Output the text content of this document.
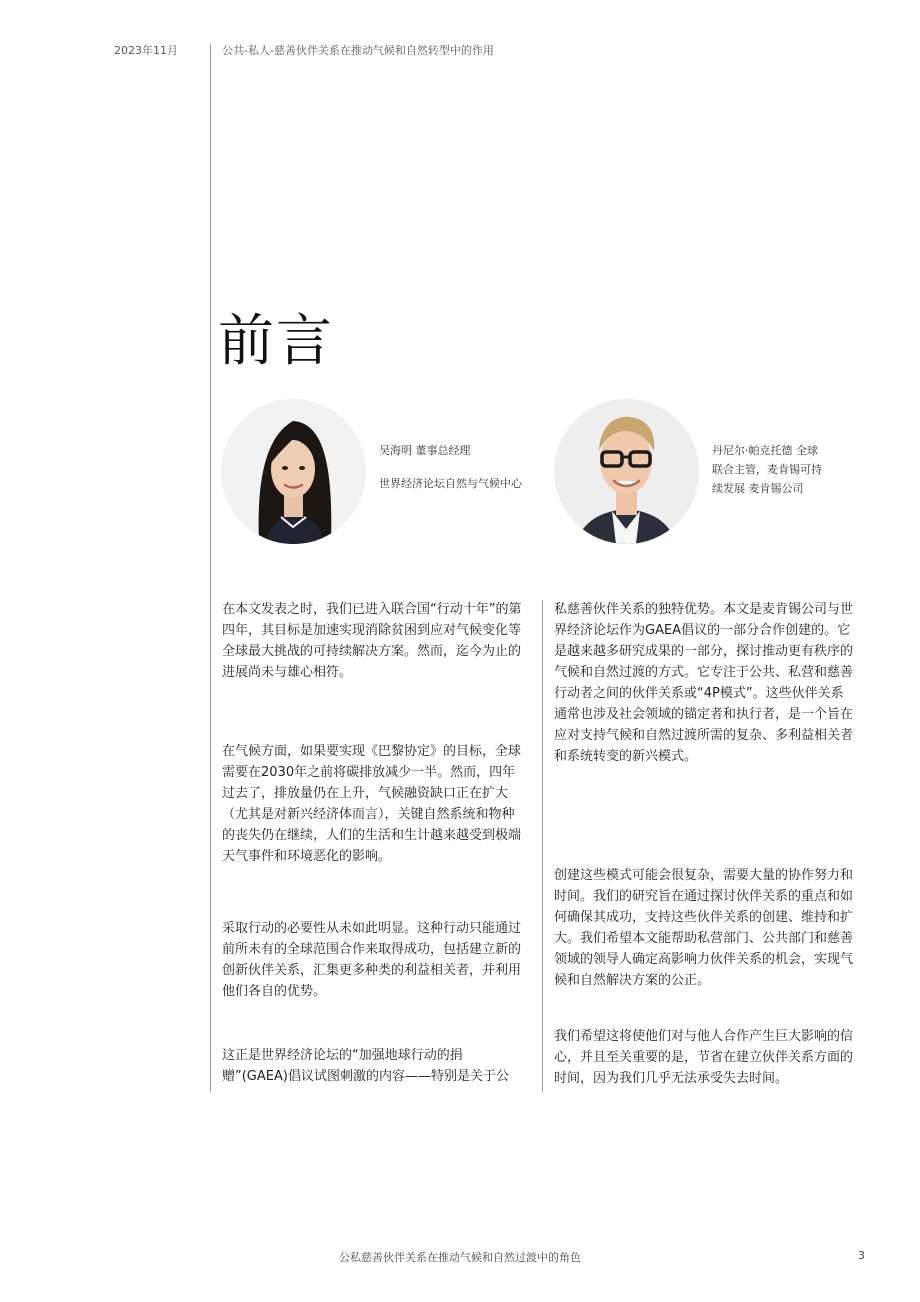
2023年11月	公共-私人-慈善伙伴关系在推动气候和自然转型中的作用
前言
吴海明 董事总经理
世界经济论坛自然与气候中心
丹尼尔·帕克托德 全球
联合主管，麦肯锡可持
续发展 麦肯锡公司

在本文发表之时，我们已进入联合国“行动十年”的第四年，其目标是加速实现消除贫困到应对气候变化等全球最大挑战的可持续解决方案。然而，迄今为止的进展尚未与雄心相符。

在气候方面，如果要实现《巴黎协定》的目标，全球需要在2030年之前将碳排放减少一半。然而，四年过去了，排放量仍在上升，气候融资缺口正在扩大（尤其是对新兴经济体而言），关键自然系统和物种的丧失仍在继续，人们的生活和生计越来越受到极端天气事件和环境恶化的影响。

采取行动的必要性从未如此明显。这种行动只能通过前所未有的全球范围合作来取得成功，包括建立新的创新伙伴关系，汇集更多种类的利益相关者，并利用他们各自的优势。

这正是世界经济论坛的“加强地球行动的捐赠”(GAEA)倡议试图刺激的内容——特别是关于公

私慈善伙伴关系的独特优势。本文是麦肯锡公司与世界经济论坛作为GAEA倡议的一部分合作创建的。它是越来越多研究成果的一部分，探讨推动更有秩序的气候和自然过渡的方式。它专注于公共、私营和慈善行动者之间的伙伴关系或“4P模式”。这些伙伴关系通常也涉及社会领域的锚定者和执行者，是一个旨在应对支持气候和自然过渡所需的复杂、多利益相关者和系统转变的新兴模式。

创建这些模式可能会很复杂，需要大量的协作努力和时间。我们的研究旨在通过探讨伙伴关系的重点和如何确保其成功，支持这些伙伴关系的创建、维持和扩大。我们希望本文能帮助私营部门、公共部门和慈善领域的领导人确定高影响力伙伴关系的机会，实现气候和自然解决方案的公正。

我们希望这将使他们对与他人合作产生巨大影响的信心，并且至关重要的是，节省在建立伙伴关系方面的时间，因为我们几乎无法承受失去时间。

公私慈善伙伴关系在推动气候和自然过渡中的角色	3
